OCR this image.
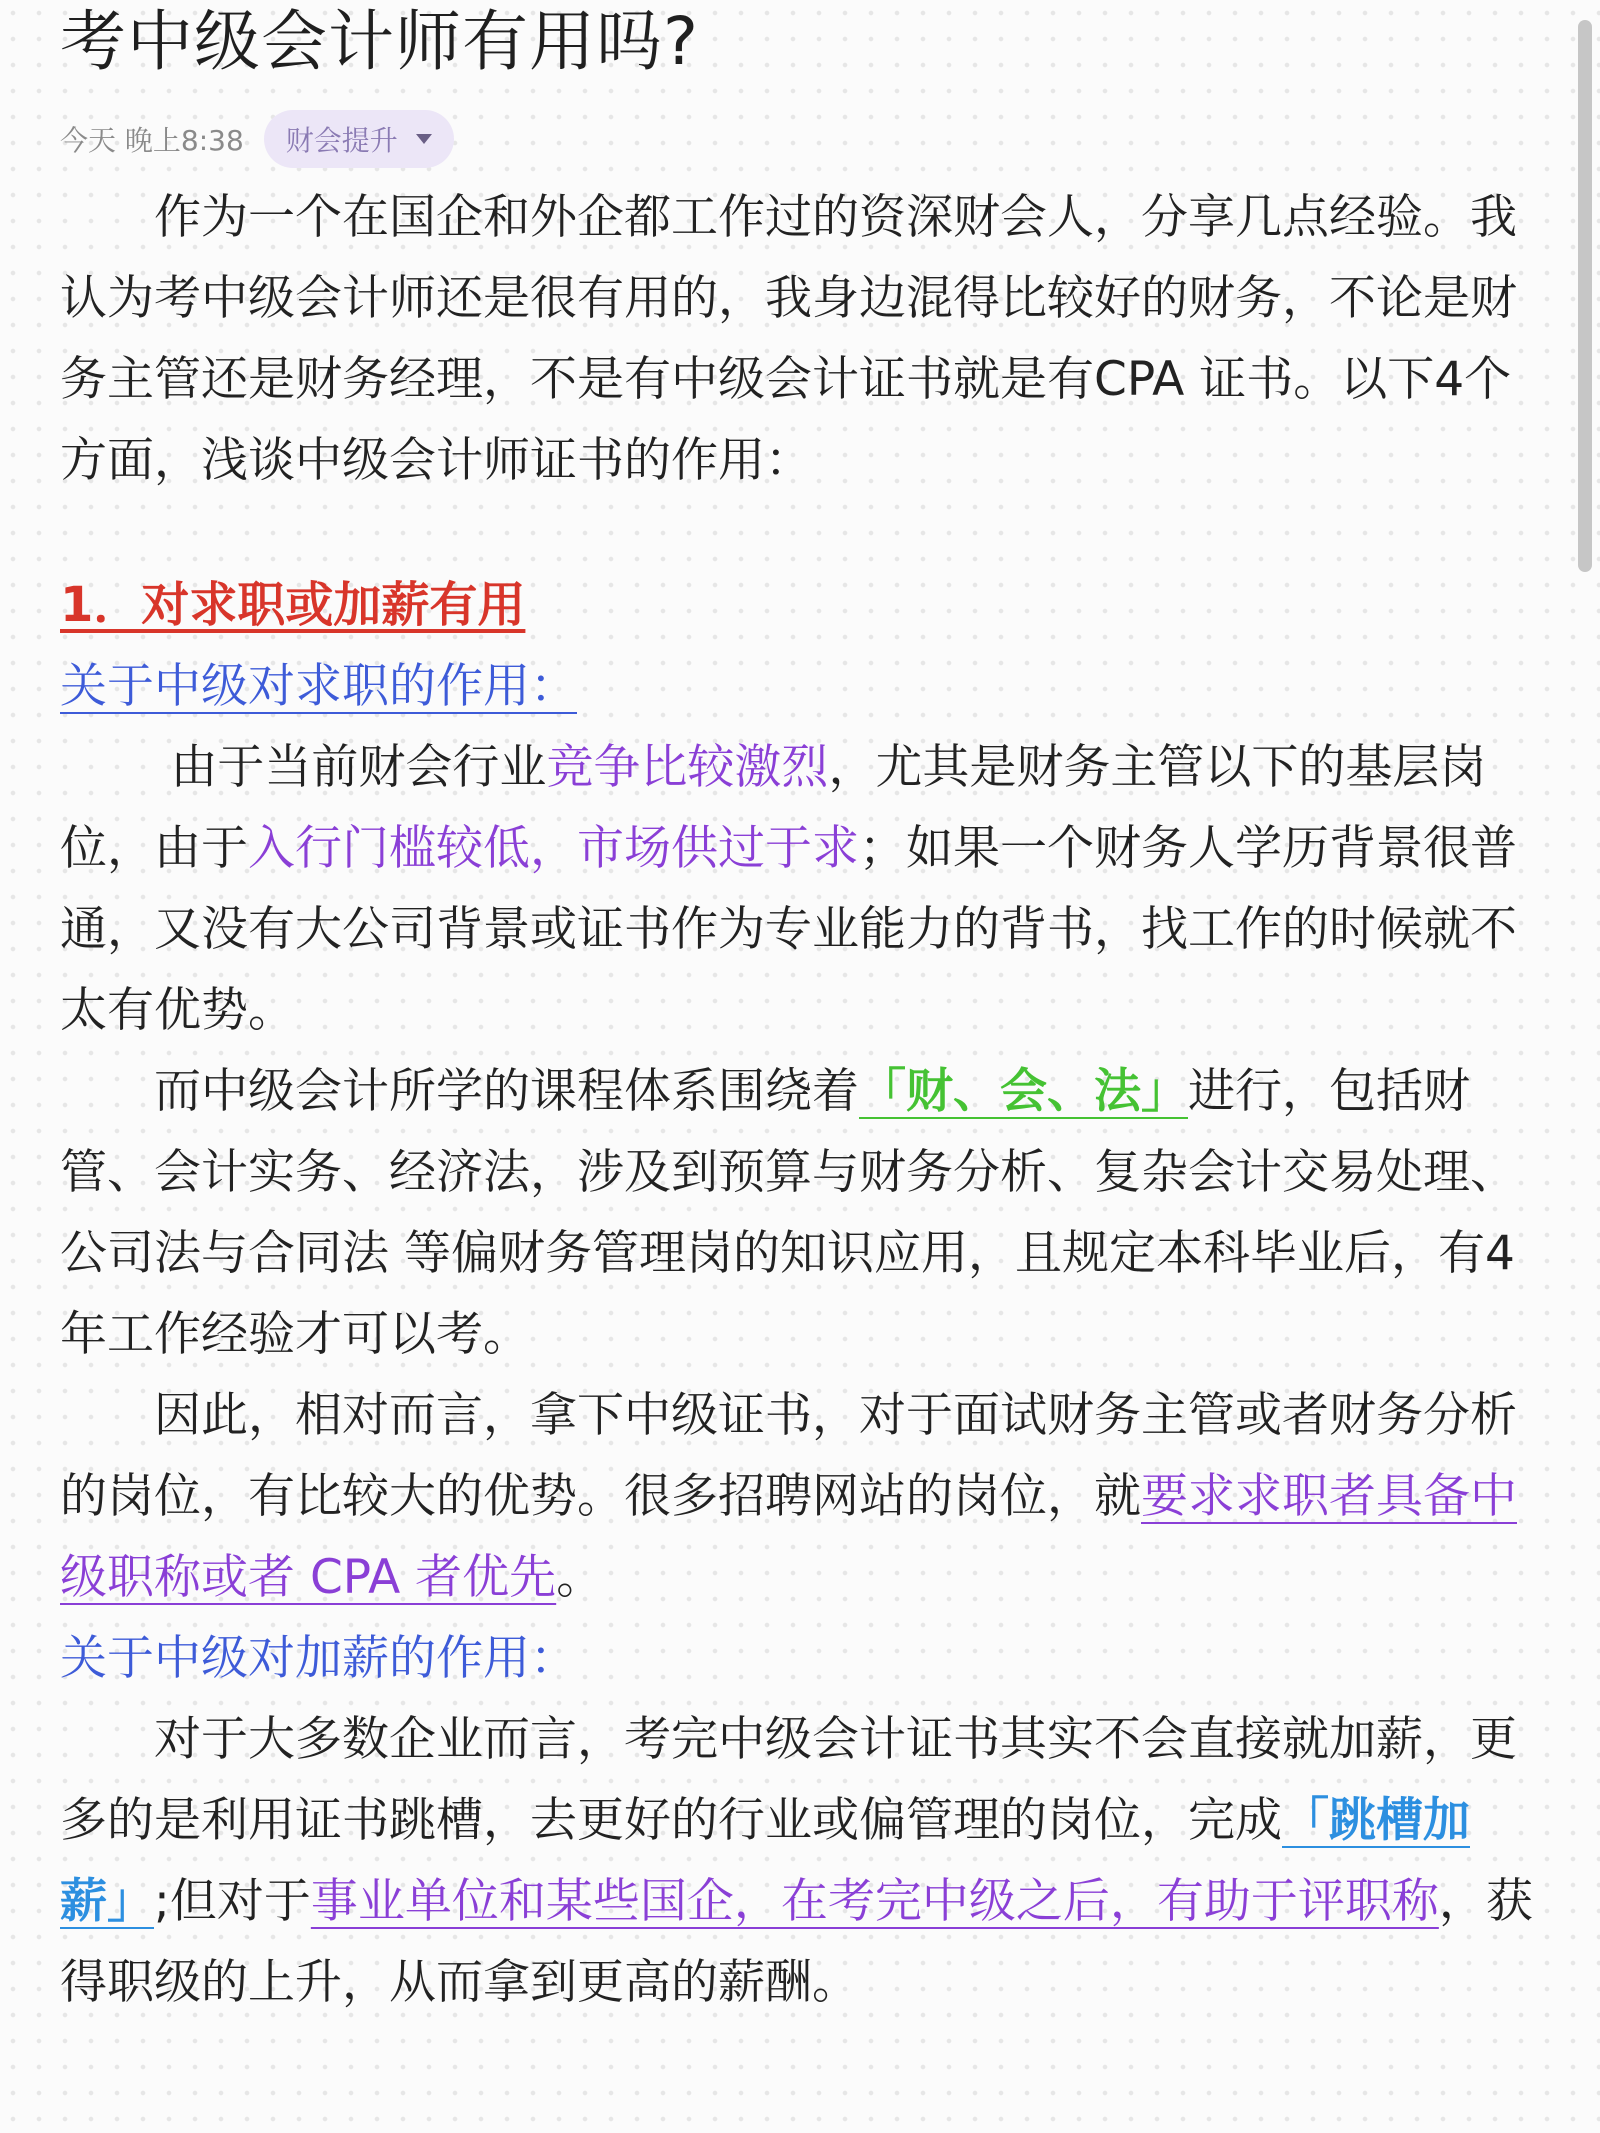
考中级会计师有用吗?
今天 晚上8:38 财会提升

作为一个在国企和外企都工作过的资深财会人，分享几点经验。我认为考中级会计师还是很有用的，我身边混得比较好的财务，不论是财务主管还是财务经理，不是有中级会计证书就是有CPA 证书。以下4个方面，浅谈中级会计师证书的作用：

1．对求职或加薪有用
关于中级对求职的作用：

由于当前财会行业竞争比较激烈，尤其是财务主管以下的基层岗位，由于入行门槛较低，市场供过于求；如果一个财务人学历背景很普通，又没有大公司背景或证书作为专业能力的背书，找工作的时候就不太有优势。

而中级会计所学的课程体系围绕着「财、会、法」进行，包括财管、会计实务、经济法，涉及到预算与财务分析、复杂会计交易处理、公司法与合同法 等偏财务管理岗的知识应用，且规定本科毕业后，有4年工作经验才可以考。

因此，相对而言，拿下中级证书，对于面试财务主管或者财务分析的岗位，有比较大的优势。很多招聘网站的岗位，就要求求职者具备中级职称或者 CPA 者优先。

关于中级对加薪的作用：

对于大多数企业而言，考完中级会计证书其实不会直接就加薪，更多的是利用证书跳槽，去更好的行业或偏管理的岗位，完成「跳槽加薪」;但对于事业单位和某些国企，在考完中级之后，有助于评职称，获得职级的上升，从而拿到更高的薪酬。
